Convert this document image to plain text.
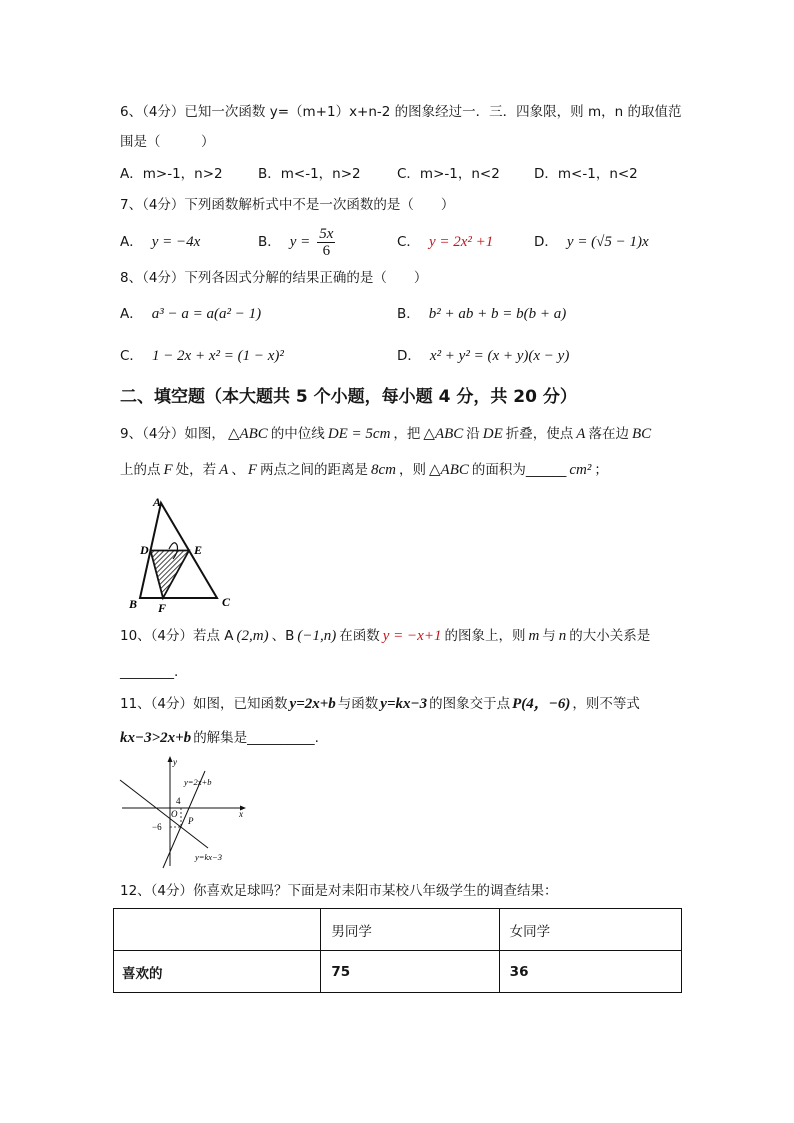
6、（4分）已知一次函数 y=（m+1）x+n-2 的图象经过一．三．四象限，则 m，n 的取值范
围是（　　　）
A．m>-1，n>2	B．m<-1，n>2	C．m>-1，n<2	D．m<-1，n<2
7、（4分）下列函数解析式中不是一次函数的是（　　）
A． y = −4x	B． $y = \frac{5x}{6}$	C． y = 2x² +1	D． y = (√5 − 1)x
8、（4分）下列各因式分解的结果正确的是（　　）
A． a³ − a = a(a² − 1)	B． b² + ab + b = b(b + a)
C． 1 − 2x + x² = (1 − x)²	D． x² + y² = (x + y)(x − y)
二、填空题（本大题共 5 个小题，每小题 4 分，共 20 分）
9、（4分）如图， △ABC 的中位线 DE = 5cm ，把 △ABC 沿 DE 折叠，使点 A 落在边 BC
上的点 F 处，若 A 、 F 两点之间的距离是 8cm ，则 △ABC 的面积为______ cm² ；
A
D	E
B F	C
10、（4分）若点 A (2,m) 、B (−1,n) 在函数 y = −x+1 的图象上，则 m 与 n 的大小关系是
________.
11、（4分）如图，已知函数 y=2x+b 与函数 y=kx−3 的图象交于点 P(4，−6) ，则不等式
kx−3>2x+b 的解集是__________.
y
x
y=2x+b
y=kx−3
4
O
−6
P
12、（4分）你喜欢足球吗？下面是对耒阳市某校八年级学生的调查结果：
	男同学	女同学
喜欢的	75	36
